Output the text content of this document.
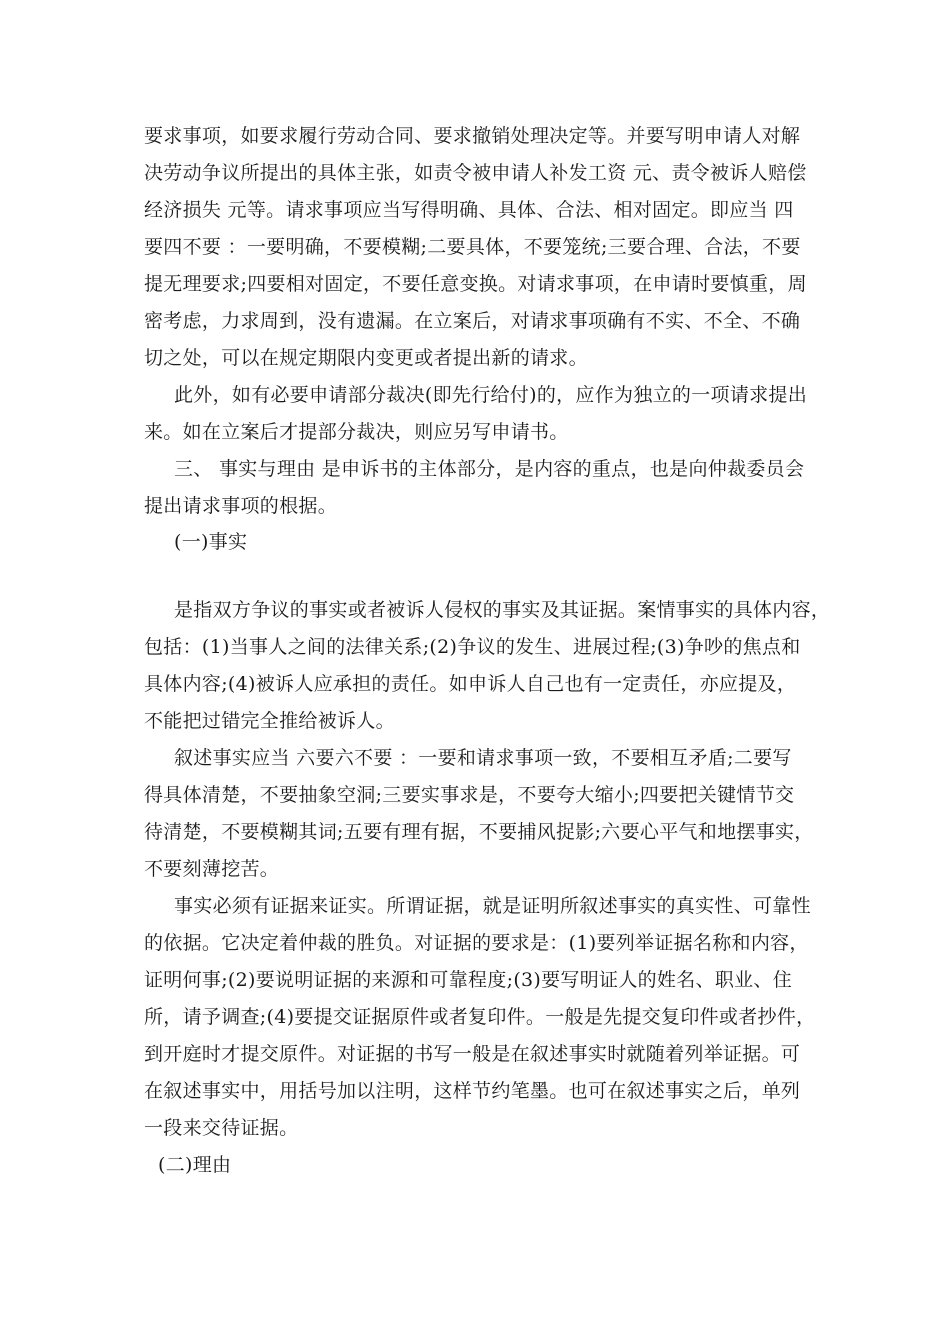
要求事项，如要求履行劳动合同、要求撤销处理决定等。并要写明申请人对解
决劳动争议所提出的具体主张，如责令被申请人补发工资 元、责令被诉人赔偿
经济损失 元等。请求事项应当写得明确、具体、合法、相对固定。即应当 四
要四不要 ：一要明确，不要模糊;二要具体，不要笼统;三要合理、合法，不要
提无理要求;四要相对固定，不要任意变换。对请求事项，在申请时要慎重，周
密考虑，力求周到，没有遗漏。在立案后，对请求事项确有不实、不全、不确
切之处，可以在规定期限内变更或者提出新的请求。
此外，如有必要申请部分裁决(即先行给付)的，应作为独立的一项请求提出
来。如在立案后才提部分裁决，则应另写申请书。
三、 事实与理由 是申诉书的主体部分，是内容的重点，也是向仲裁委员会
提出请求事项的根据。
(一)事实
是指双方争议的事实或者被诉人侵权的事实及其证据。案情事实的具体内容，
包括：(1)当事人之间的法律关系;(2)争议的发生、进展过程;(3)争吵的焦点和
具体内容;(4)被诉人应承担的责任。如申诉人自己也有一定责任，亦应提及，
不能把过错完全推给被诉人。
叙述事实应当 六要六不要 ：一要和请求事项一致，不要相互矛盾;二要写
得具体清楚，不要抽象空洞;三要实事求是，不要夸大缩小;四要把关键情节交
待清楚，不要模糊其词;五要有理有据，不要捕风捉影;六要心平气和地摆事实，
不要刻薄挖苦。
事实必须有证据来证实。所谓证据，就是证明所叙述事实的真实性、可靠性
的依据。它决定着仲裁的胜负。对证据的要求是：(1)要列举证据名称和内容，
证明何事;(2)要说明证据的来源和可靠程度;(3)要写明证人的姓名、职业、住
所，请予调查;(4)要提交证据原件或者复印件。一般是先提交复印件或者抄件，
到开庭时才提交原件。对证据的书写一般是在叙述事实时就随着列举证据。可
在叙述事实中，用括号加以注明，这样节约笔墨。也可在叙述事实之后，单列
一段来交待证据。
(二)理由
